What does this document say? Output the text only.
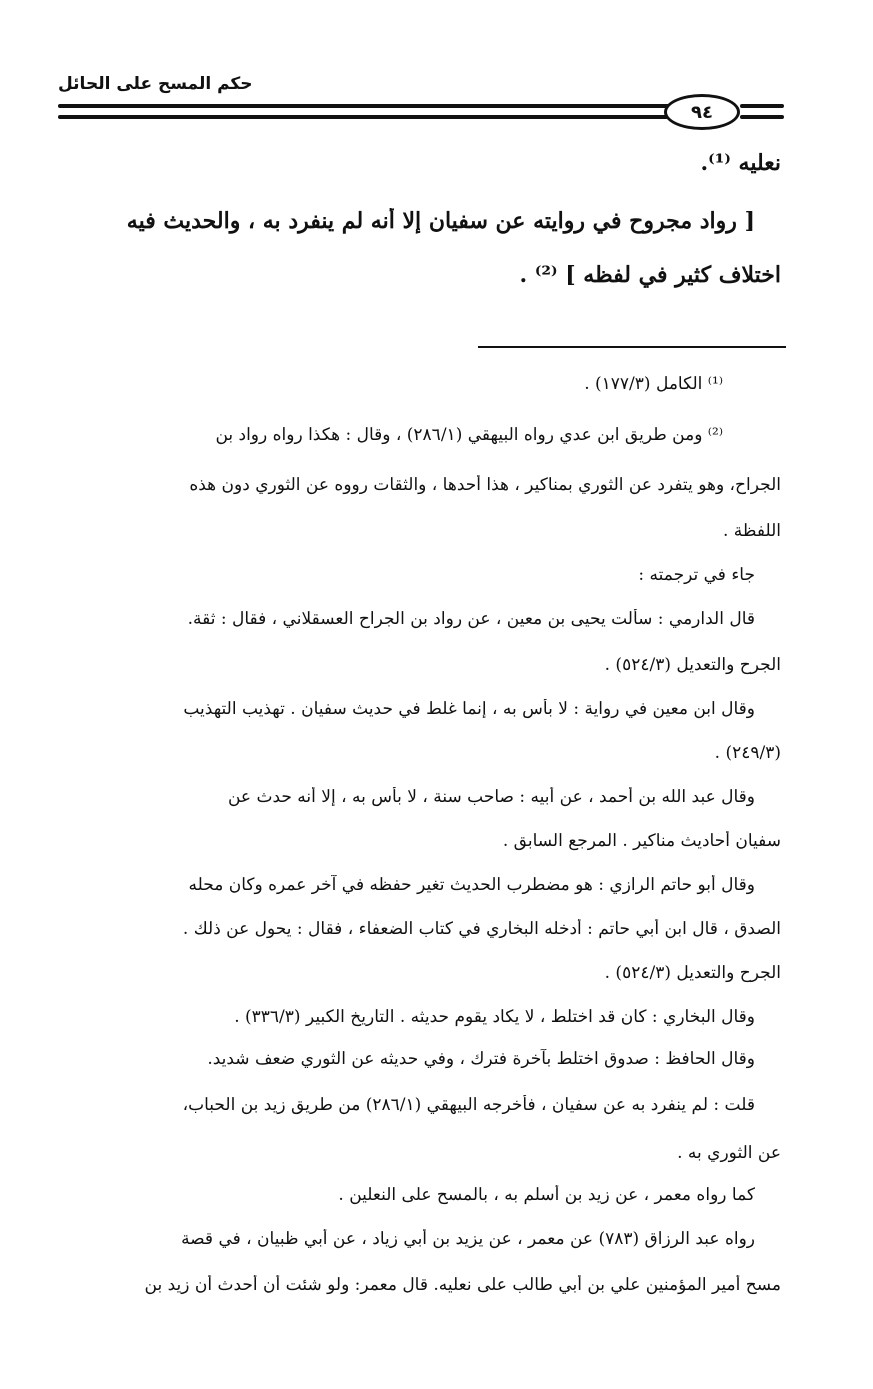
حكم المسح على الحائل
٩٤
نعليه ⁽¹⁾.
[ رواد مجروح في روايته عن سفيان إلا أنه لم ينفرد به ، والحديث فيه
اختلاف كثير في لفظه ] ⁽²⁾ .
⁽¹⁾ الكامل (١٧٧/٣) .
⁽²⁾ ومن طريق ابن عدي رواه البيهقي (٢٨٦/١) ، وقال : هكذا رواه رواد بن
الجراح، وهو يتفرد عن الثوري بمناكير ، هذا أحدها ، والثقات رووه عن الثوري دون هذه
اللفظة .
جاء في ترجمته :
قال الدارمي : سألت يحيى بن معين ، عن رواد بن الجراح العسقلاني ، فقال : ثقة.
الجرح والتعديل (٥٢٤/٣) .
وقال ابن معين في رواية : لا بأس به ، إنما غلط في حديث سفيان . تهذيب التهذيب
(٢٤٩/٣) .
وقال عبد الله بن أحمد ، عن أبيه : صاحب سنة ، لا بأس به ، إلا أنه حدث عن
سفيان أحاديث مناكير . المرجع السابق .
وقال أبو حاتم الرازي : هو مضطرب الحديث تغير حفظه في آخر عمره وكان محله
الصدق ، قال ابن أبي حاتم : أدخله البخاري في كتاب الضعفاء ، فقال : يحول عن ذلك .
الجرح والتعديل (٥٢٤/٣) .
وقال البخاري : كان قد اختلط ، لا يكاد يقوم حديثه . التاريخ الكبير (٣٣٦/٣) .
وقال الحافظ : صدوق اختلط بآخرة فترك ، وفي حديثه عن الثوري ضعف شديد.
قلت : لم ينفرد به عن سفيان ، فأخرجه البيهقي (٢٨٦/١) من طريق زيد بن الحباب،
عن الثوري به .
كما رواه معمر ، عن زيد بن أسلم به ، بالمسح على النعلين .
رواه عبد الرزاق (٧٨٣) عن معمر ، عن يزيد بن أبي زياد ، عن أبي ظبيان ، في قصة
مسح أمير المؤمنين علي بن أبي طالب على نعليه. قال معمر: ولو شئت أن أحدث أن زيد بن
